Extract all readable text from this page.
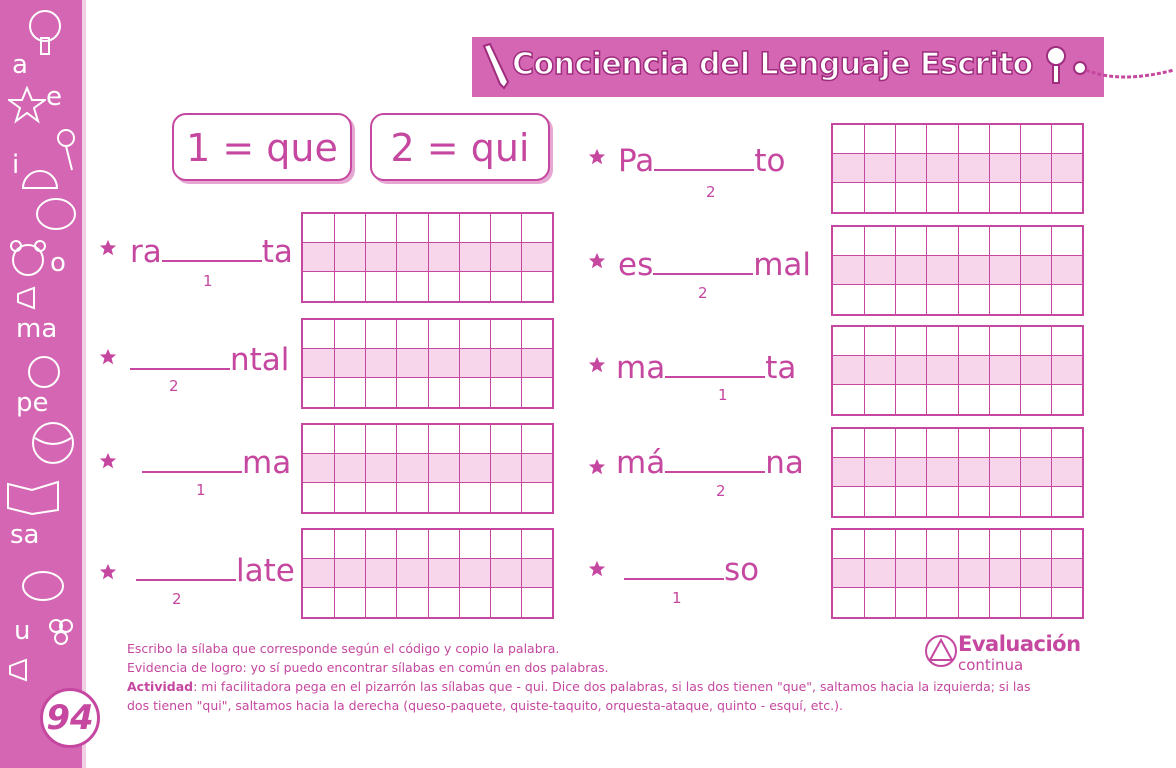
a
e
i
o
ma
pe
sa
u
94
Conciencia del Lenguaje Escrito
1 = que	2 = qui
ra	ta
1
ntal
2
ma
1
late
2
Pa	to
2
es	mal
2
ma	ta
1
má	na
2
so
1
Escribo la sílaba que corresponde según el código y copio la palabra.
Evidencia de logro: yo sí puedo encontrar sílabas en común en dos palabras.
Actividad: mi facilitadora pega en el pizarrón las sílabas que - qui. Dice dos palabras, si las dos tienen "que", saltamos hacia la izquierda; si las
dos tienen "qui", saltamos hacia la derecha (queso-paquete, quiste-taquito, orquesta-ataque, quinto - esquí, etc.).
Evaluación
continua
